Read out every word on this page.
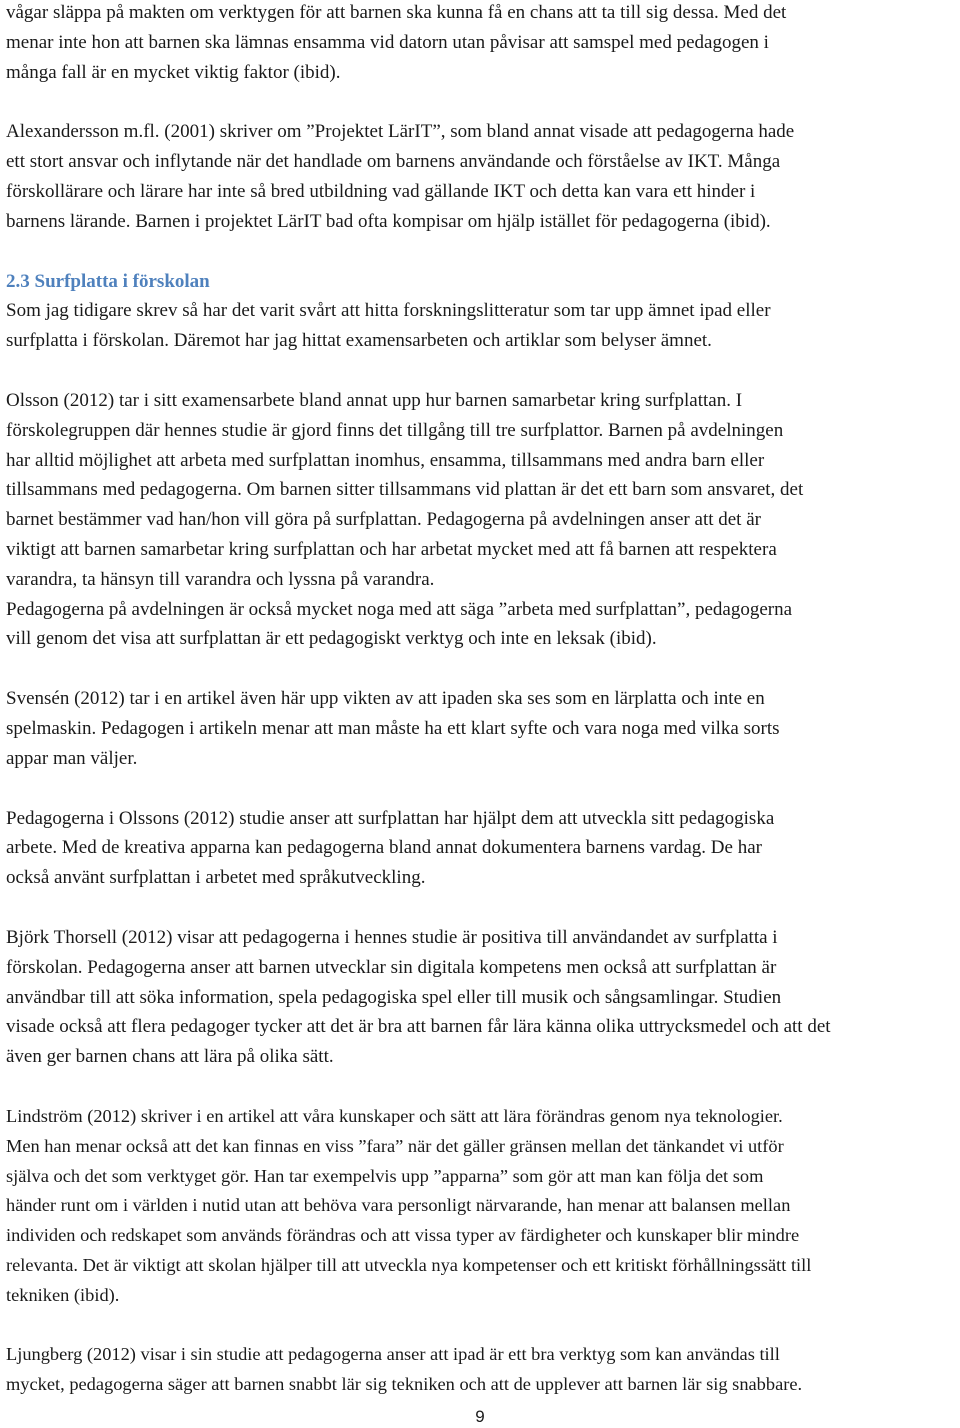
vågar släppa på makten om verktygen för att barnen ska kunna få en chans att ta till sig dessa. Med det
menar inte hon att barnen ska lämnas ensamma vid datorn utan påvisar att samspel med pedagogen i
många fall är en mycket viktig faktor (ibid).

Alexandersson m.fl. (2001) skriver om ”Projektet LärIT”, som bland annat visade att pedagogerna hade
ett stort ansvar och inflytande när det handlade om barnens användande och förståelse av IKT. Många
förskollärare och lärare har inte så bred utbildning vad gällande IKT och detta kan vara ett hinder i
barnens lärande. Barnen i projektet LärIT bad ofta kompisar om hjälp istället för pedagogerna (ibid).

2.3 Surfplatta i förskolan

Som jag tidigare skrev så har det varit svårt att hitta forskningslitteratur som tar upp ämnet ipad eller
surfplatta i förskolan. Däremot har jag hittat examensarbeten och artiklar som belyser ämnet.

Olsson (2012) tar i sitt examensarbete bland annat upp hur barnen samarbetar kring surfplattan. I
förskolegruppen där hennes studie är gjord finns det tillgång till tre surfplattor. Barnen på avdelningen
har alltid möjlighet att arbeta med surfplattan inomhus, ensamma, tillsammans med andra barn eller
tillsammans med pedagogerna. Om barnen sitter tillsammans vid plattan är det ett barn som ansvaret, det
barnet bestämmer vad han/hon vill göra på surfplattan. Pedagogerna på avdelningen anser att det är
viktigt att barnen samarbetar kring surfplattan och har arbetat mycket med att få barnen att respektera
varandra, ta hänsyn till varandra och lyssna på varandra.
Pedagogerna på avdelningen är också mycket noga med att säga ”arbeta med surfplattan”, pedagogerna
vill genom det visa att surfplattan är ett pedagogiskt verktyg och inte en leksak (ibid).

Svensén (2012) tar i en artikel även här upp vikten av att ipaden ska ses som en lärplatta och inte en
spelmaskin. Pedagogen i artikeln menar att man måste ha ett klart syfte och vara noga med vilka sorts
appar man väljer.

Pedagogerna i Olssons (2012) studie anser att surfplattan har hjälpt dem att utveckla sitt pedagogiska
arbete. Med de kreativa apparna kan pedagogerna bland annat dokumentera barnens vardag. De har
också använt surfplattan i arbetet med språkutveckling.

Björk Thorsell (2012) visar att pedagogerna i hennes studie är positiva till användandet av surfplatta i
förskolan. Pedagogerna anser att barnen utvecklar sin digitala kompetens men också att surfplattan är
användbar till att söka information, spela pedagogiska spel eller till musik och sångsamlingar. Studien
visade också att flera pedagoger tycker att det är bra att barnen får lära känna olika uttrycksmedel och att det
även ger barnen chans att lära på olika sätt.

Lindström (2012) skriver i en artikel att våra kunskaper och sätt att lära förändras genom nya teknologier.
Men han menar också att det kan finnas en viss ”fara” när det gäller gränsen mellan det tänkandet vi utför
själva och det som verktyget gör. Han tar exempelvis upp ”apparna” som gör att man kan följa det som
händer runt om i världen i nutid utan att behöva vara personligt närvarande, han menar att balansen mellan
individen och redskapet som används förändras och att vissa typer av färdigheter och kunskaper blir mindre
relevanta. Det är viktigt att skolan hjälper till att utveckla nya kompetenser och ett kritiskt förhållningssätt till
tekniken (ibid).

Ljungberg (2012) visar i sin studie att pedagogerna anser att ipad är ett bra verktyg som kan användas till
mycket, pedagogerna säger att barnen snabbt lär sig tekniken och att de upplever att barnen lär sig snabbare.

9
